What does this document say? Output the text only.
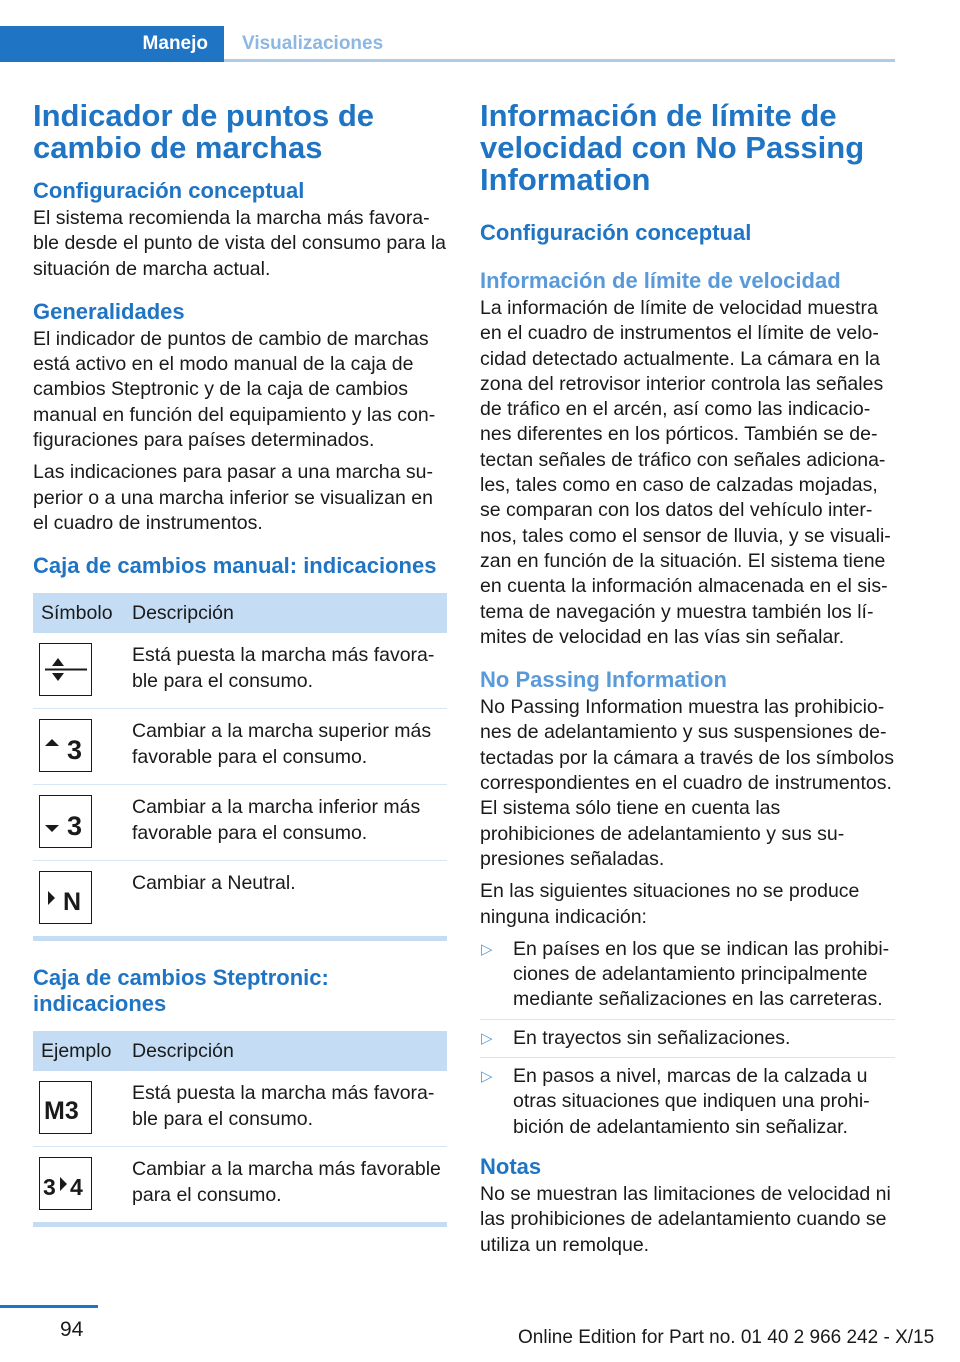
Manejo Visualizaciones
Indicador de puntos de cambio de marchas
Configuración conceptual

El sistema recomienda la marcha más favorable desde el punto de vista del consumo para la situación de marcha actual.

Generalidades

El indicador de puntos de cambio de marchas está activo en el modo manual de la caja de cambios Steptronic y de la caja de cambios manual en función del equipamiento y las configuraciones para países determinados.

Las indicaciones para pasar a una marcha superior o a una marcha inferior se visualizan en el cuadro de instrumentos.

Caja de cambios manual: indicaciones
Símbolo	Descripción

	Está puesta la marcha más favorable para el consumo.

3	Cambiar a la marcha superior más favorable para el consumo.

3	Cambiar a la marcha inferior más favorable para el consumo.

N	Cambiar a Neutral.
Caja de cambios Steptronic: indicaciones
Ejemplo	Descripción

M3	Está puesta la marcha más favorable para el consumo.

3 4	Cambiar a la marcha más favorable para el consumo.
Información de límite de velocidad con No Passing Information
Configuración conceptual
Información de límite de velocidad

La información de límite de velocidad muestra en el cuadro de instrumentos el límite de velocidad detectado actualmente. La cámara en la zona del retrovisor interior controla las señales de tráfico en el arcén, así como las indicaciones diferentes en los pórticos. También se detectan señales de tráfico con señales adicionales, tales como en caso de calzadas mojadas, se comparan con los datos del vehículo internos, tales como el sensor de lluvia, y se visualizan en función de la situación. El sistema tiene en cuenta la información almacenada en el sistema de navegación y muestra también los límites de velocidad en las vías sin señalar.

No Passing Information

No Passing Information muestra las prohibiciones de adelantamiento y sus suspensiones detectadas por la cámara a través de los símbolos correspondientes en el cuadro de instrumentos. El sistema sólo tiene en cuenta las prohibiciones de adelantamiento y sus supresiones señaladas.

En las siguientes situaciones no se produce ninguna indicación:

▷ En países en los que se indican las prohibiciones de adelantamiento principalmente mediante señalizaciones en las carreteras.
▷ En trayectos sin señalizaciones.
▷ En pasos a nivel, marcas de la calzada u otras situaciones que indiquen una prohibición de adelantamiento sin señalizar.
Notas

No se muestran las limitaciones de velocidad ni las prohibiciones de adelantamiento cuando se utiliza un remolque.

94	Online Edition for Part no. 01 40 2 966 242 - X/15
